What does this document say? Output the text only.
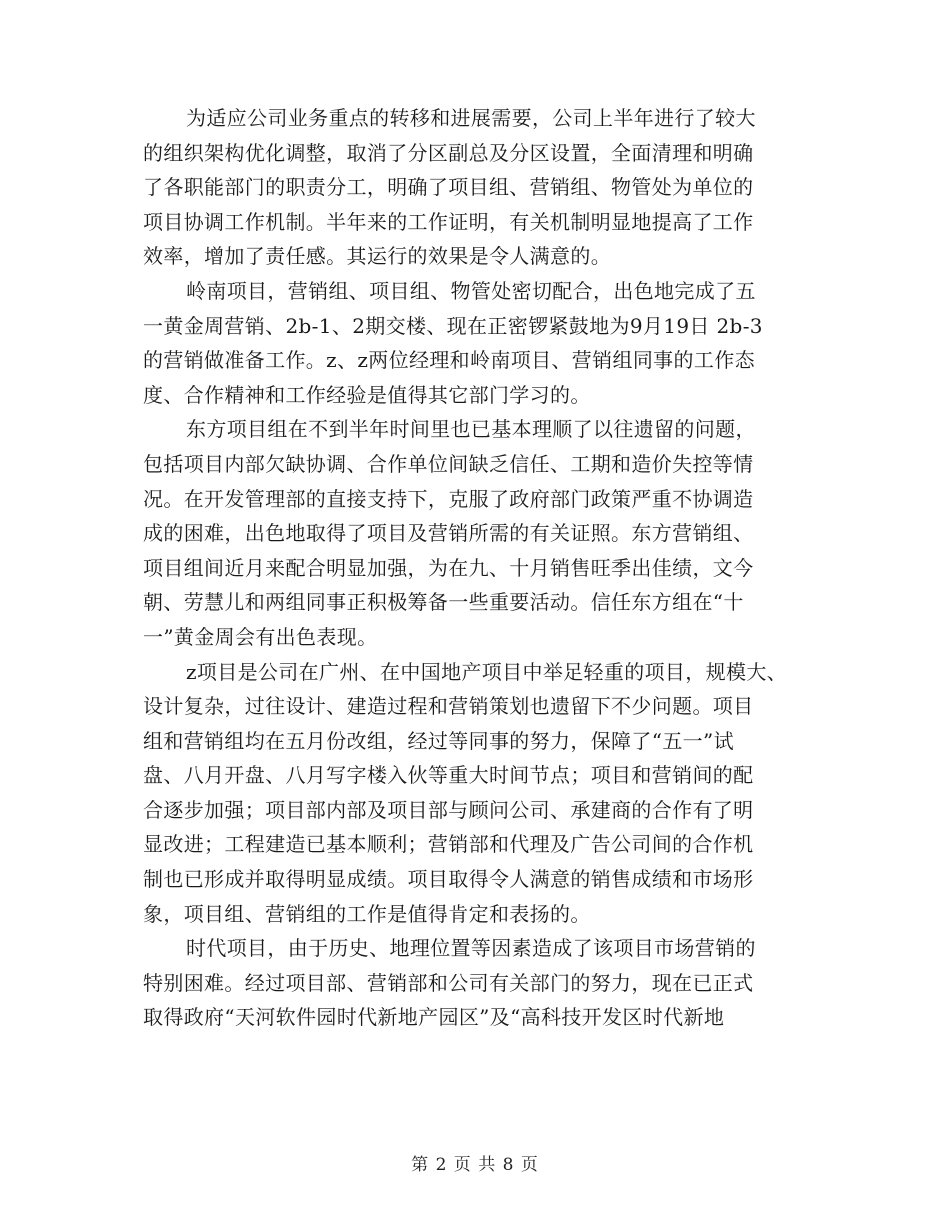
为适应公司业务重点的转移和进展需要，公司上半年进行了较大
的组织架构优化调整，取消了分区副总及分区设置，全面清理和明确
了各职能部门的职责分工，明确了项目组、营销组、物管处为单位的
项目协调工作机制。半年来的工作证明，有关机制明显地提高了工作
效率，增加了责任感。其运行的效果是令人满意的。
岭南项目，营销组、项目组、物管处密切配合，出色地完成了五
一黄金周营销、2b-1、2期交楼、现在正密锣紧鼓地为9月19日 2b-3
的营销做准备工作。z、z两位经理和岭南项目、营销组同事的工作态
度、合作精神和工作经验是值得其它部门学习的。
东方项目组在不到半年时间里也已基本理顺了以往遗留的问题，
包括项目内部欠缺协调、合作单位间缺乏信任、工期和造价失控等情
况。在开发管理部的直接支持下，克服了政府部门政策严重不协调造
成的困难，出色地取得了项目及营销所需的有关证照。东方营销组、
项目组间近月来配合明显加强，为在九、十月销售旺季出佳绩，文今
朝、劳慧儿和两组同事正积极筹备一些重要活动。信任东方组在“十
一”黄金周会有出色表现。
z项目是公司在广州、在中国地产项目中举足轻重的项目，规模大、
设计复杂，过往设计、建造过程和营销策划也遗留下不少问题。项目
组和营销组均在五月份改组，经过等同事的努力，保障了“五一”试
盘、八月开盘、八月写字楼入伙等重大时间节点；项目和营销间的配
合逐步加强；项目部内部及项目部与顾问公司、承建商的合作有了明
显改进；工程建造已基本顺利；营销部和代理及广告公司间的合作机
制也已形成并取得明显成绩。项目取得令人满意的销售成绩和市场形
象，项目组、营销组的工作是值得肯定和表扬的。
时代项目，由于历史、地理位置等因素造成了该项目市场营销的
特别困难。经过项目部、营销部和公司有关部门的努力，现在已正式
取得政府“天河软件园时代新地产园区”及“高科技开发区时代新地
第 2 页 共 8 页
